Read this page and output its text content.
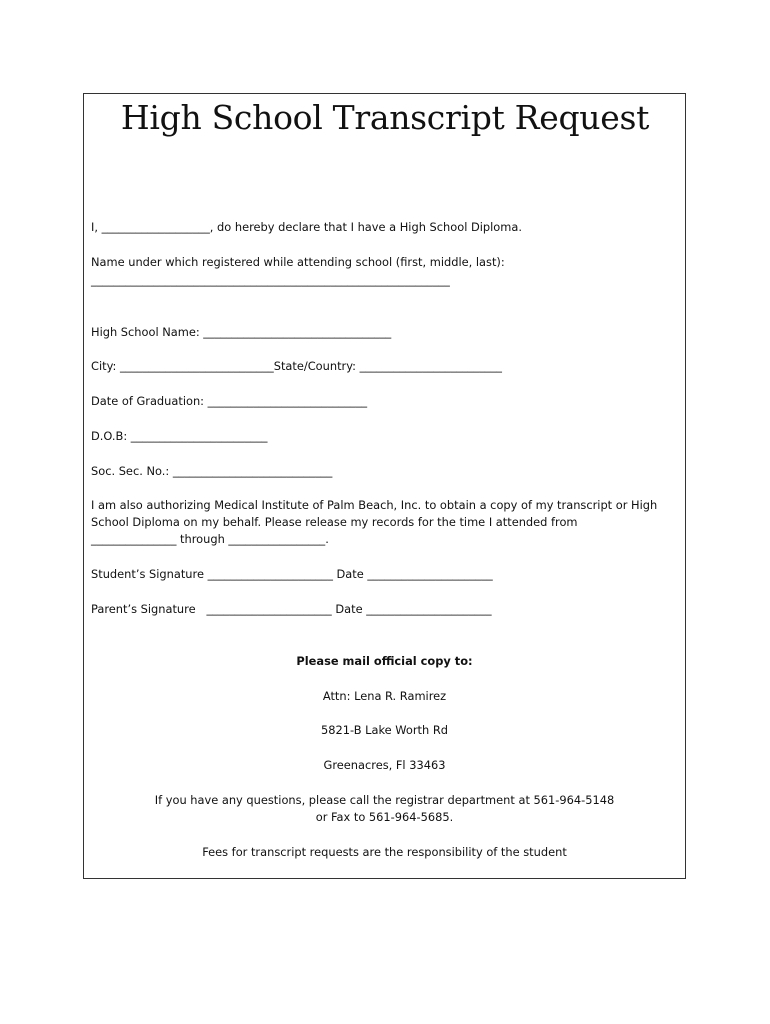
High School Transcript Request
I, ___________________, do hereby declare that I have a High School Diploma.
Name under which registered while attending school (first, middle, last):
_______________________________________________________________
High School Name: _________________________________
City: ___________________________State/Country: _________________________
Date of Graduation: ____________________________
D.O.B: ________________________
Soc. Sec. No.: ____________________________
I am also authorizing Medical Institute of Palm Beach, Inc. to obtain a copy of my transcript or High
School Diploma on my behalf. Please release my records for the time I attended from
_______________ through _________________.
Student’s Signature ______________________ Date ______________________
Parent’s Signature   ______________________ Date ______________________
Please mail official copy to:
Attn: Lena R. Ramirez
5821-B Lake Worth Rd
Greenacres, Fl 33463
If you have any questions, please call the registrar department at 561-964-5148
or Fax to 561-964-5685.
Fees for transcript requests are the responsibility of the student
